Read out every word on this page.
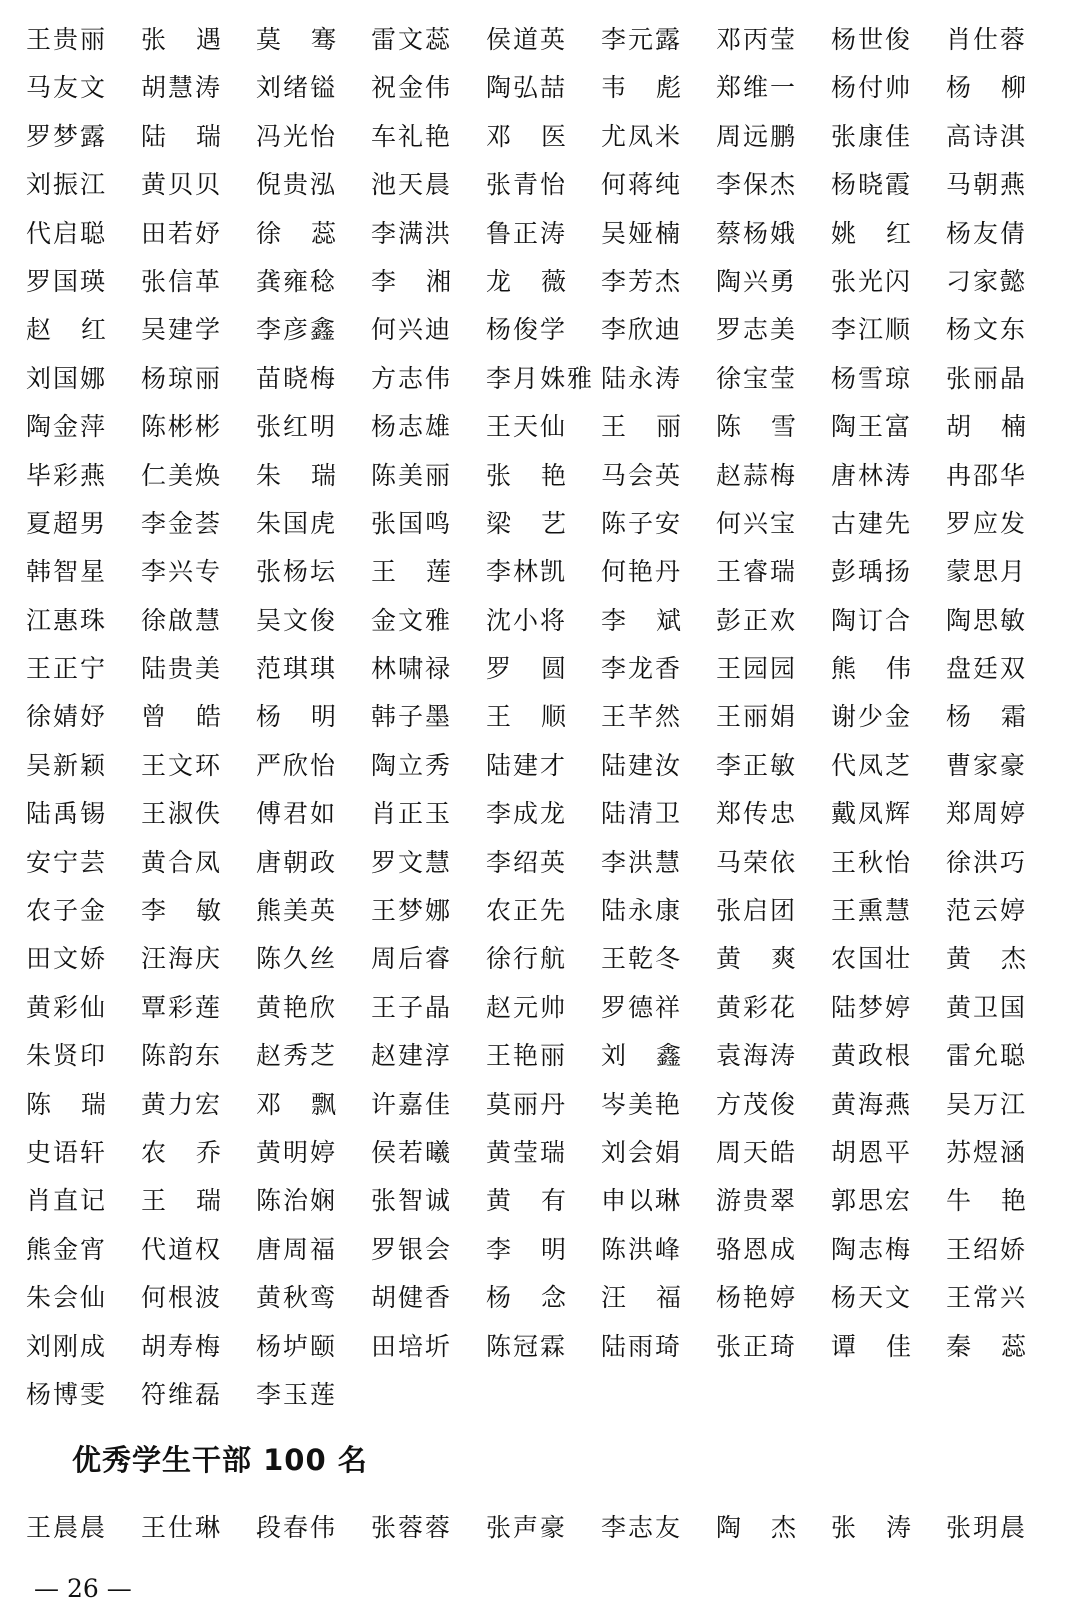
王贵丽 张 遇 莫 骞 雷文蕊 侯道英 李元露 邓丙莹 杨世俊 肖仕蓉
马友文 胡慧涛 刘绪镒 祝金伟 陶弘喆 韦 彪 郑维一 杨付帅 杨 柳
罗梦露 陆 瑞 冯光怡 车礼艳 邓 医 尤凤米 周远鹏 张康佳 高诗淇
刘振江 黄贝贝 倪贵泓 池天晨 张青怡 何蒋纯 李保杰 杨晓霞 马朝燕
代启聪 田若妤 徐 蕊 李满洪 鲁正涛 吴娅楠 蔡杨娥 姚 红 杨友倩
罗国瑛 张信革 龚雍稔 李 湘 龙 薇 李芳杰 陶兴勇 张光闪 刁家懿
赵 红 吴建学 李彦鑫 何兴迪 杨俊学 李欣迪 罗志美 李江顺 杨文东
刘国娜 杨琼丽 苗晓梅 方志伟 李月姝雅 陆永涛 徐宝莹 杨雪琼 张丽晶
陶金萍 陈彬彬 张红明 杨志雄 王天仙 王 丽 陈 雪 陶王富 胡 楠
毕彩燕 仁美焕 朱 瑞 陈美丽 张 艳 马会英 赵蒜梅 唐林涛 冉邵华
夏超男 李金荟 朱国虎 张国鸣 梁 艺 陈子安 何兴宝 古建先 罗应发
韩智星 李兴专 张杨坛 王 莲 李林凯 何艳丹 王睿瑞 彭瑀扬 蒙思月
江惠珠 徐啟慧 吴文俊 金文雅 沈小将 李 斌 彭正欢 陶订合 陶思敏
王正宁 陆贵美 范琪琪 林啸禄 罗 圆 李龙香 王园园 熊 伟 盘廷双
徐婧妤 曾 皓 杨 明 韩子墨 王 顺 王芊然 王丽娟 谢少金 杨 霜
吴新颖 王文环 严欣怡 陶立秀 陆建才 陆建汝 李正敏 代凤芝 曹家豪
陆禹锡 王淑佚 傅君如 肖正玉 李成龙 陆清卫 郑传忠 戴凤辉 郑周婷
安宁芸 黄合凤 唐朝政 罗文慧 李绍英 李洪慧 马荣依 王秋怡 徐洪巧
农子金 李 敏 熊美英 王梦娜 农正先 陆永康 张启团 王熏慧 范云婷
田文娇 汪海庆 陈久丝 周后睿 徐行航 王乾冬 黄 爽 农国壮 黄 杰
黄彩仙 覃彩莲 黄艳欣 王子晶 赵元帅 罗德祥 黄彩花 陆梦婷 黄卫国
朱贤印 陈韵东 赵秀芝 赵建淳 王艳丽 刘 鑫 袁海涛 黄政根 雷允聪
陈 瑞 黄力宏 邓 飘 许嘉佳 莫丽丹 岑美艳 方茂俊 黄海燕 吴万江
史语轩 农 乔 黄明婷 侯若曦 黄莹瑞 刘会娟 周天皓 胡恩平 苏煜涵
肖直记 王 瑞 陈治娴 张智诚 黄 有 申以琳 游贵翠 郭思宏 牛 艳
熊金宵 代道权 唐周福 罗银会 李 明 陈洪峰 骆恩成 陶志梅 王绍娇
朱会仙 何根波 黄秋鸾 胡健香 杨 念 汪 福 杨艳婷 杨天文 王常兴
刘刚成 胡寿梅 杨垆颐 田培圻 陈冠霖 陆雨琦 张正琦 谭 佳 秦 蕊
杨博雯 符维磊 李玉莲
优秀学生干部 100 名
王晨晨 王仕琳 段春伟 张蓉蓉 张声豪 李志友 陶 杰 张 涛 张玥晨
— 26 —
